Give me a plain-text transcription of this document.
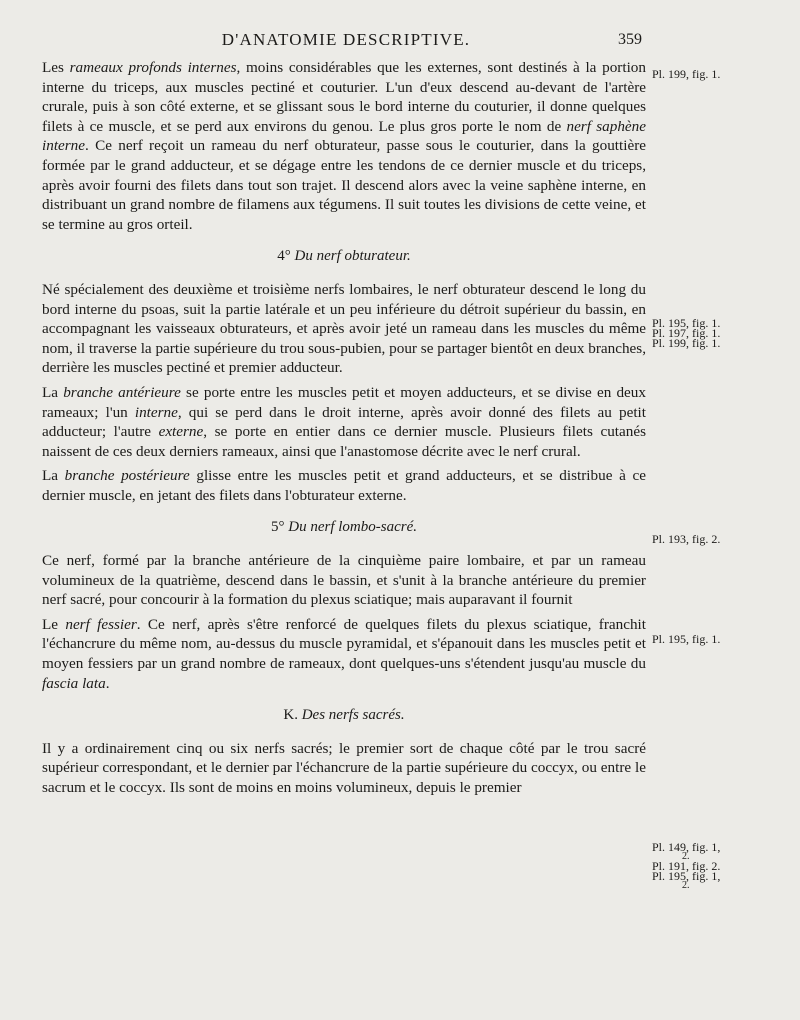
D'ANATOMIE DESCRIPTIVE.	359

Les rameaux profonds internes, moins considérables que les externes, sont destinés à la portion interne du triceps, aux muscles pectiné et couturier. L'un d'eux descend au-devant de l'artère crurale, puis à son côté externe, et se glissant sous le bord interne du couturier, il donne quelques filets à ce muscle, et se perd aux environs du genou. Le plus gros porte le nom de nerf saphène interne. Ce nerf reçoit un rameau du nerf obturateur, passe sous le couturier, dans la gouttière formée par le grand adducteur, et se dégage entre les tendons de ce dernier muscle et du triceps, après avoir fourni des filets dans tout son trajet. Il descend alors avec la veine saphène interne, en distribuant un grand nombre de filamens aux tégumens. Il suit toutes les divisions de cette veine, et se termine au gros orteil.

4° Du nerf obturateur.

Né spécialement des deuxième et troisième nerfs lombaires, le nerf obturateur descend le long du bord interne du psoas, suit la partie latérale et un peu inférieure du détroit supérieur du bassin, en accompagnant les vaisseaux obturateurs, et après avoir jeté un rameau dans les muscles du même nom, il traverse la partie supérieure du trou sous-pubien, pour se partager bientôt en deux branches, derrière les muscles pectiné et premier adducteur.

La branche antérieure se porte entre les muscles petit et moyen adducteurs, et se divise en deux rameaux; l'un interne, qui se perd dans le droit interne, après avoir donné des filets au petit adducteur; l'autre externe, se porte en entier dans ce dernier muscle. Plusieurs filets cutanés naissent de ces deux derniers rameaux, ainsi que l'anastomose décrite avec le nerf crural.

La branche postérieure glisse entre les muscles petit et grand adducteurs, et se distribue à ce dernier muscle, en jetant des filets dans l'obturateur externe.

5° Du nerf lombo-sacré.

Ce nerf, formé par la branche antérieure de la cinquième paire lombaire, et par un rameau volumineux de la quatrième, descend dans le bassin, et s'unit à la branche antérieure du premier nerf sacré, pour concourir à la formation du plexus sciatique; mais auparavant il fournit

Le nerf fessier. Ce nerf, après s'être renforcé de quelques filets du plexus sciatique, franchit l'échancrure du même nom, au-dessus du muscle pyramidal, et s'épanouit dans les muscles petit et moyen fessiers par un grand nombre de rameaux, dont quelques-uns s'étendent jusqu'au muscle du fascia lata.

K. Des nerfs sacrés.

Il y a ordinairement cinq ou six nerfs sacrés; le premier sort de chaque côté par le trou sacré supérieur correspondant, et le dernier par l'échancrure de la partie supérieure du coccyx, ou entre le sacrum et le coccyx. Ils sont de moins en moins volumineux, depuis le premier

Pl. 199, fig. 1.
Pl. 195, fig. 1.
Pl. 197, fig. 1.
Pl. 199, fig. 1.
Pl. 193, fig. 2.
Pl. 195, fig. 1.
Pl. 149, fig. 1,
2.
Pl. 191, fig. 2.
Pl. 195, fig. 1,
2.
